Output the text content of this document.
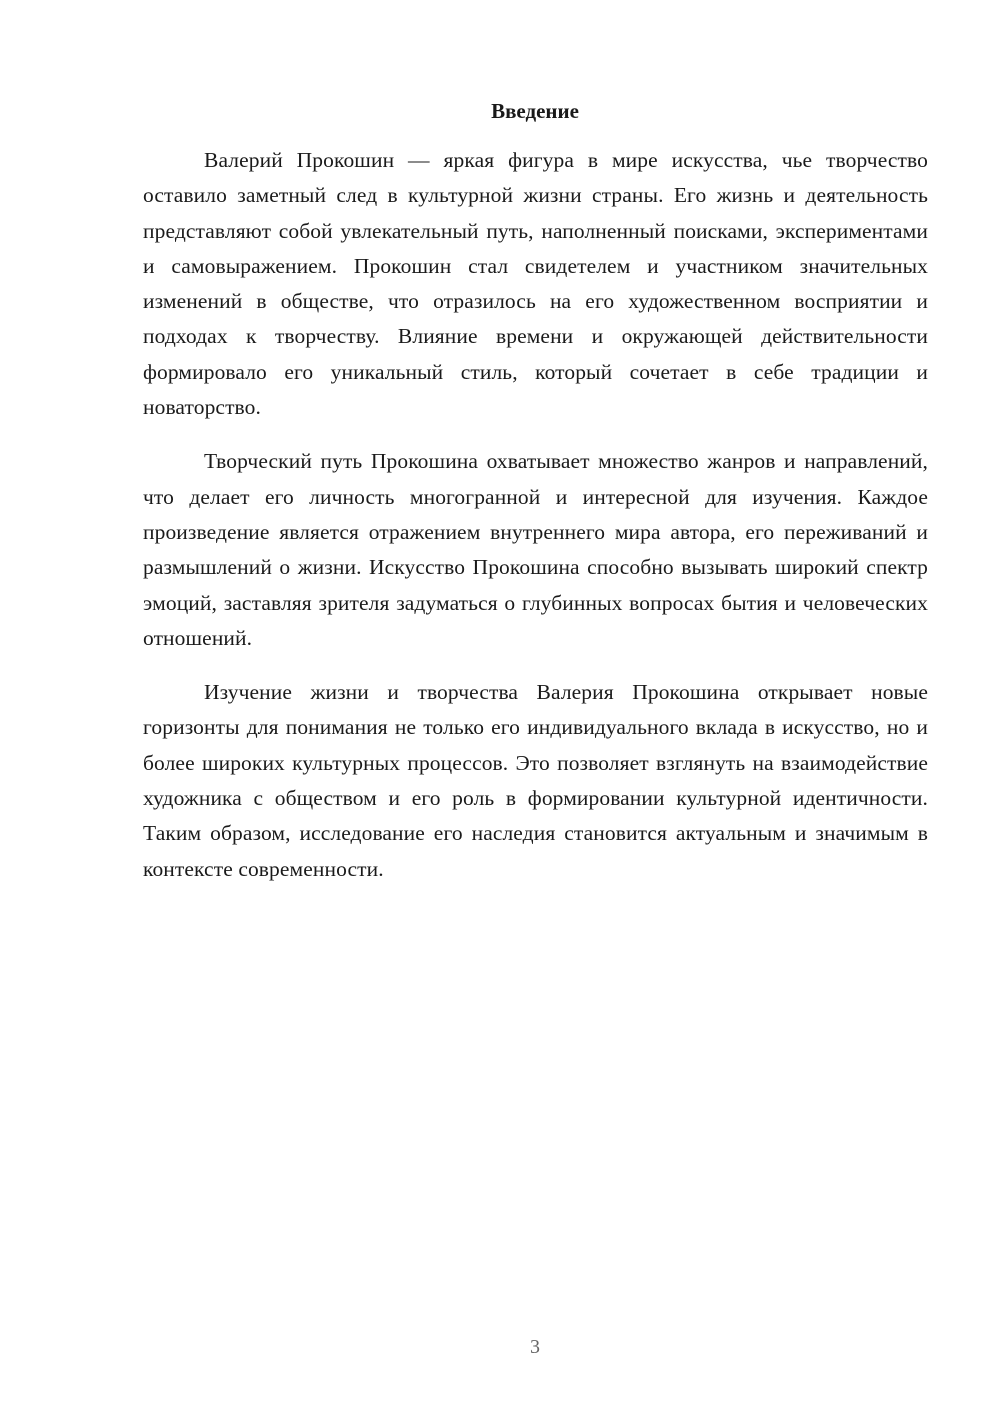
Введение

Валерий Прокошин — яркая фигура в мире искусства, чье творчество оставило заметный след в культурной жизни страны. Его жизнь и деятельность представляют собой увлекательный путь, наполненный поисками, экспериментами и самовыражением. Прокошин стал свидетелем и участником значительных изменений в обществе, что отразилось на его художественном восприятии и подходах к творчеству. Влияние времени и окружающей действительности формировало его уникальный стиль, который сочетает в себе традиции и новаторство.

Творческий путь Прокошина охватывает множество жанров и направлений, что делает его личность многогранной и интересной для изучения. Каждое произведение является отражением внутреннего мира автора, его переживаний и размышлений о жизни. Искусство Прокошина способно вызывать широкий спектр эмоций, заставляя зрителя задуматься о глубинных вопросах бытия и человеческих отношений.

Изучение жизни и творчества Валерия Прокошина открывает новые горизонты для понимания не только его индивидуального вклада в искусство, но и более широких культурных процессов. Это позволяет взглянуть на взаимодействие художника с обществом и его роль в формировании культурной идентичности. Таким образом, исследование его наследия становится актуальным и значимым в контексте современности.

3
